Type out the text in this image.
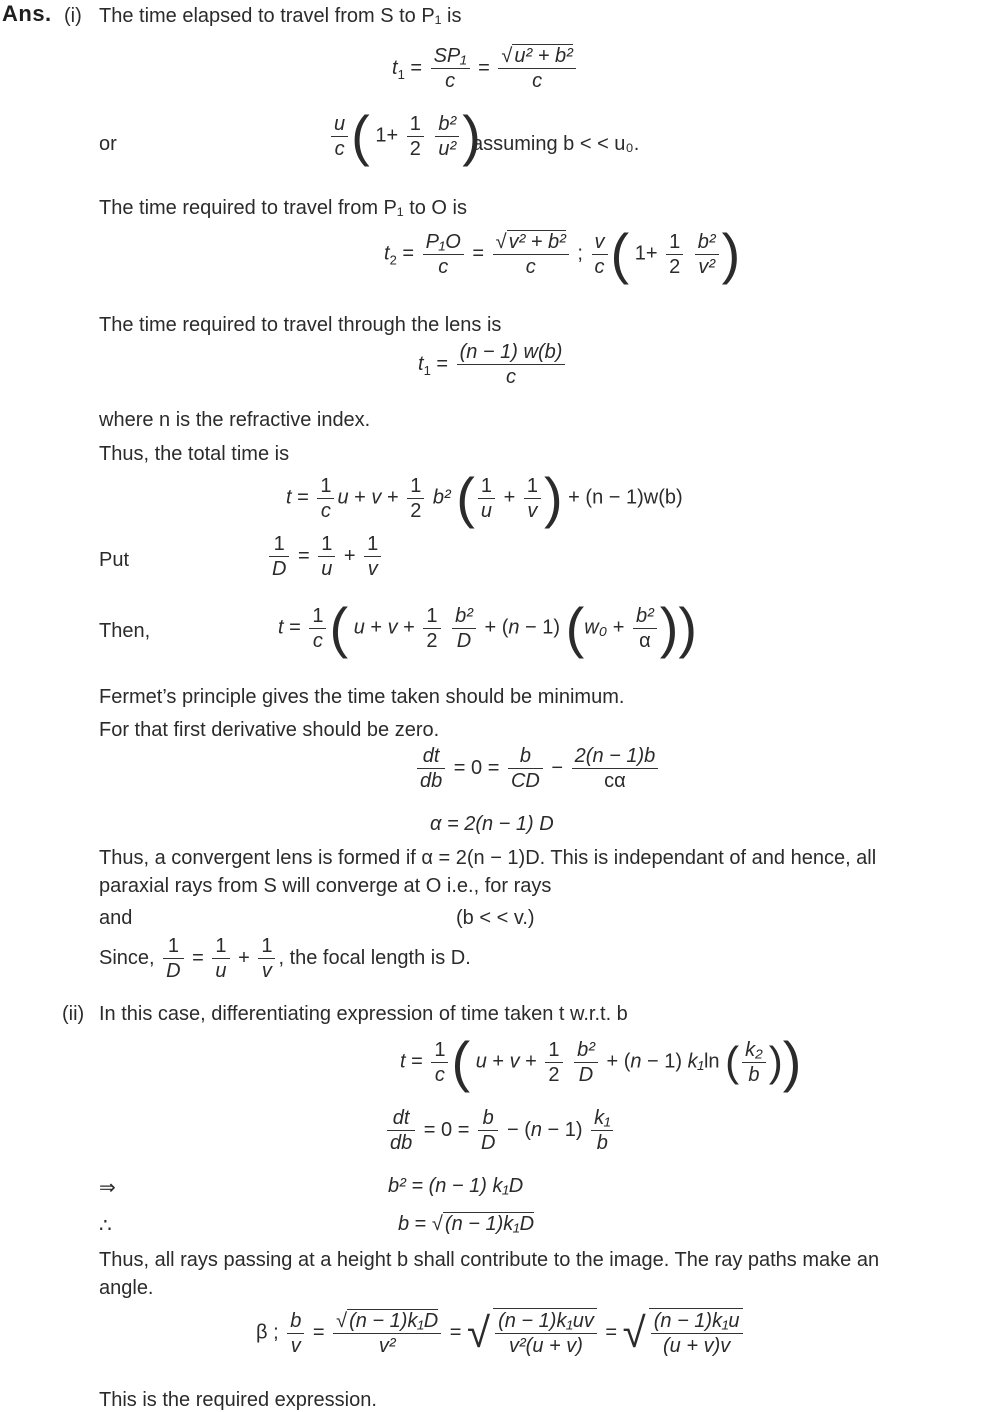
Ans. (i) The time elapsed to travel from S to P₁ is
$t_1 = \frac{\text{SP₁}}{c} = \frac{\text{√ u² + b²}}{c}$
or	$\frac{u}{c}$ ( $1+ \frac{1}{2}$
$\frac{\text{b²}}{\text{u²}}$ )
assuming b < < u₀.
The time required to travel from P₁ to O is
$t_2 = \frac{\text{P₁O}}{c} = \frac{\text{√ v² + b²}}{c}$ ; $\frac{v}{c}$ ( $1+ \frac{1}{2}$
$\frac{\text{b²}}{\text{v²}}$ )
The time required to travel through the lens is
$t_1 = \frac{(n - 1) w(b)}{c}$
where n is the refractive index.
Thus, the total time is
$t = \frac{1}{c}$ $u + v + \frac{1}{2} b^2$ ( $\frac{1}{u} + \frac{1}{v}$ ) + (n − 1)w(b)
Put	$\frac{1}{D} = \frac{1}{u} + \frac{1}{v}$
Then,	$t = \frac{1}{c}$ ( $u + v + \frac{1}{2}$
$\frac{\text{b²}}{D} + (n - 1) (w_0 + \frac{\text{b²}}{\alpha}$ ))
Fermet’s principle gives the time taken should be minimum.
For that first derivative should be zero.
$\frac{dt}{db} = 0 = \frac{b}{CD} - \frac{2(n - 1)b}{c\alpha}$
α = 2(n − 1) D
Thus, a convergent lens is formed if α = 2(n − 1)D. This is independant of and hence, all
paraxial rays from S will converge at O i.e., for rays
and	(b < < v.)
Since, $\frac{1}{D} = \frac{1}{u} + \frac{1}{v}$ , the focal length is D.
(ii) In this case, differentiating expression of time taken t w.r.t. b
$t = \frac{1}{c}$ ( $u + v + \frac{1}{2}$
$\frac{\text{b²}}{D} + (n - 1)$ k₁ln ( $\frac{\text{k₂}}{b}$ ))
$\frac{dt}{db} = 0 = \frac{b}{D} - (n - 1) \frac{\text{k₁}}{b}$
⇒	b² = (n − 1) k₁D
∴	b = √ (n − 1)k₁D
Thus, all rays passing at a height b shall contribute to the image. The ray paths make an
angle.
β ; $\frac{b}{v} = \frac{\text{√ (n − 1)k₁D}}{\text{v²}}$ = √ $\frac{\text{(n − 1)k₁uv}}{\text{v²(u + v)}}$ = √ $\frac{\text{(n − 1)k₁u}}{(u + v)v}$
This is the required expression.
